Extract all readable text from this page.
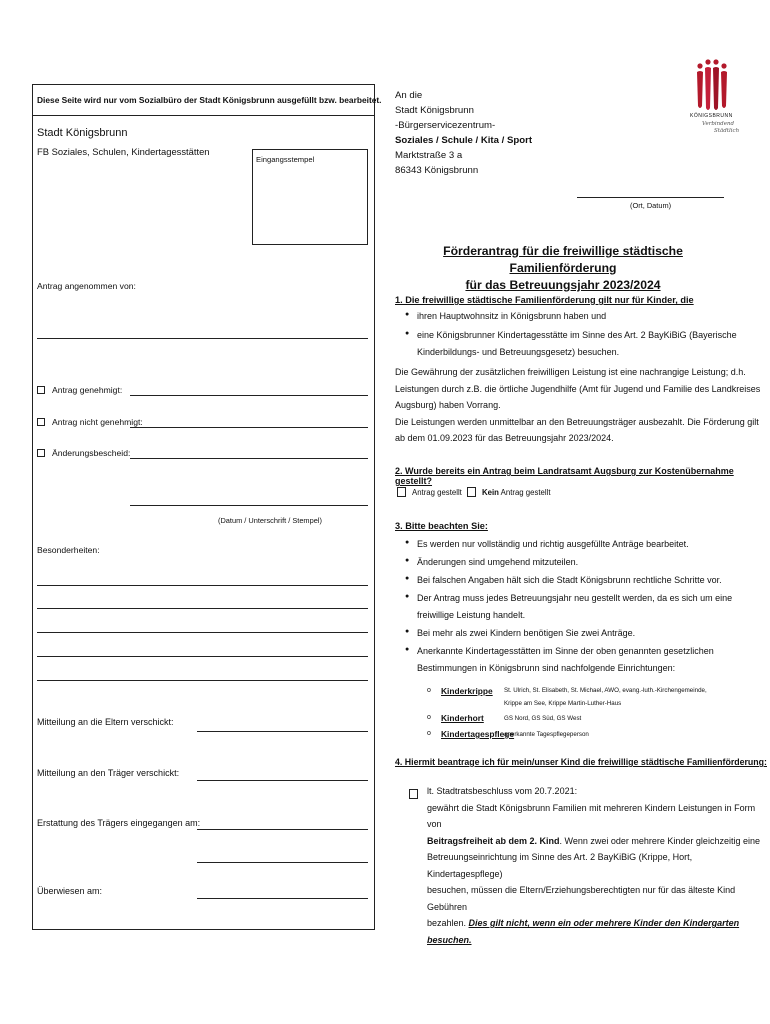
Diese Seite wird nur vom Sozialbüro der Stadt Königsbrunn ausgefüllt bzw. bearbeitet.
Stadt Königsbrunn
FB Soziales, Schulen, Kindertagesstätten
Eingangsstempel
Antrag angenommen von:
Antrag genehmigt:
Antrag nicht genehmigt:
Änderungsbescheid:
(Datum / Unterschrift / Stempel)
Besonderheiten:
Mitteilung an die Eltern verschickt:
Mitteilung an den Träger verschickt:
Erstattung des Trägers eingegangen am:
Überwiesen am:
An die
Stadt Königsbrunn
-Bürgerservicezentrum-
Soziales / Schule / Kita / Sport
Marktstraße 3 a
86343 Königsbrunn
(Ort, Datum)
KÖNIGSBRUNN
Verbindend
Städtlich
Förderantrag für die freiwillige städtische Familienförderung
für das Betreuungsjahr 2023/2024
1. Die freiwillige städtische Familienförderung gilt nur für Kinder, die
● ihren Hauptwohnsitz in Königsbrunn haben und
● eine Königsbrunner Kindertagesstätte im Sinne des Art. 2 BayKiBiG (Bayerische
Kinderbildungs- und Betreuungsgesetz) besuchen.
Die Gewährung der zusätzlichen freiwilligen Leistung ist eine nachrangige Leistung; d.h.
Leistungen durch z.B. die örtliche Jugendhilfe (Amt für Jugend und Familie des Landkreises
Augsburg) haben Vorrang.
Die Leistungen werden unmittelbar an den Betreuungsträger ausbezahlt. Die Förderung gilt
ab dem 01.09.2023 für das Betreuungsjahr 2023/2024.
2. Wurde bereits ein Antrag beim Landratsamt Augsburg zur Kostenübernahme gestellt?
Antrag gestellt	Kein Antrag gestellt
3. Bitte beachten Sie:
● Es werden nur vollständig und richtig ausgefüllte Anträge bearbeitet.
● Änderungen sind umgehend mitzuteilen.
● Bei falschen Angaben hält sich die Stadt Königsbrunn rechtliche Schritte vor.
● Der Antrag muss jedes Betreuungsjahr neu gestellt werden, da es sich um eine
freiwillige Leistung handelt.
● Bei mehr als zwei Kindern benötigen Sie zwei Anträge.
● Anerkannte Kindertagesstätten im Sinne der oben genannten gesetzlichen
Bestimmungen in Königsbrunn sind nachfolgende Einrichtungen:
o Kinderkrippe St. Ulrich, St. Elisabeth, St. Michael, AWO, evang.-luth.-Kirchengemeinde,
Krippe am See, Krippe Martin-Luther-Haus
o Kinderhort	GS Nord, GS Süd, GS West
o Kindertagespflege
anerkannte Tagespflegeperson
4. Hiermit beantrage ich für mein/unser Kind die freiwillige städtische Familienförderung:
lt. Stadtratsbeschluss vom 20.7.2021:
gewährt die Stadt Königsbrunn Familien mit mehreren Kindern Leistungen in Form von
Beitragsfreiheit ab dem 2. Kind. Wenn zwei oder mehrere Kinder gleichzeitig eine
Betreuungseinrichtung im Sinne des Art. 2 BayKiBiG (Krippe, Hort, Kindertagespflege)
besuchen, müssen die Eltern/Erziehungsberechtigten nur für das älteste Kind Gebühren
bezahlen. Dies gilt nicht, wenn ein oder mehrere Kinder den Kindergarten
besuchen.
